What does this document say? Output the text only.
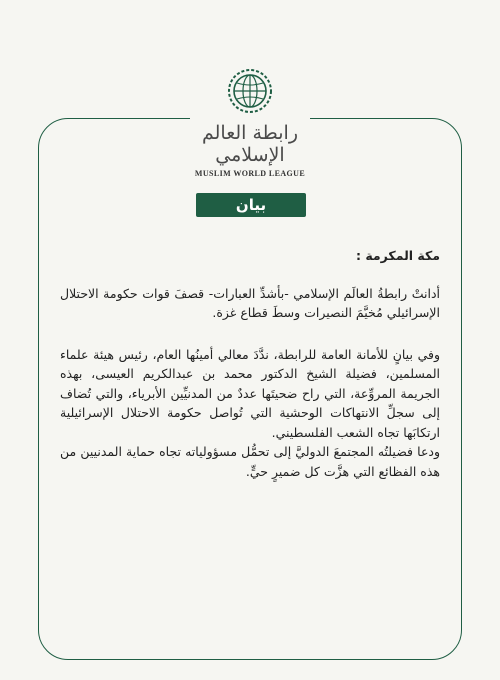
رابطة العالم الإسلامي
MUSLIM WORLD LEAGUE
بيان

مكة المكرمة :

أدانتْ رابطةُ العالَم الإسلامي -بأشدِّ العبارات- قصفَ قوات حكومة الاحتلال الإسرائيلي مُخيَّمَ النصيرات وسطَ قطاع غزة.

وفي بيانٍ للأمانة العامة للرابطة، ندَّدَ معالي أمينُها العام، رئيس هيئة علماء المسلمين، فضيلة الشيخ الدكتور محمد بن عبدالكريم العيسى، بهذه الجريمة المروِّعة، التي راح ضحيتَها عددٌ من المدنيِّين الأبرياء، والتي تُضاف إلى سجلِّ الانتهاكات الوحشية التي تُواصل حكومة الاحتلال الإسرائيلية ارتكابَها تجاه الشعب الفلسطيني.

ودعا فضيلتُه المجتمعَ الدوليَّ إلى تحمُّل مسؤولياته تجاه حماية المدنيين من هذه الفظائع التي هزَّت كل ضميرٍ حيٍّ.
